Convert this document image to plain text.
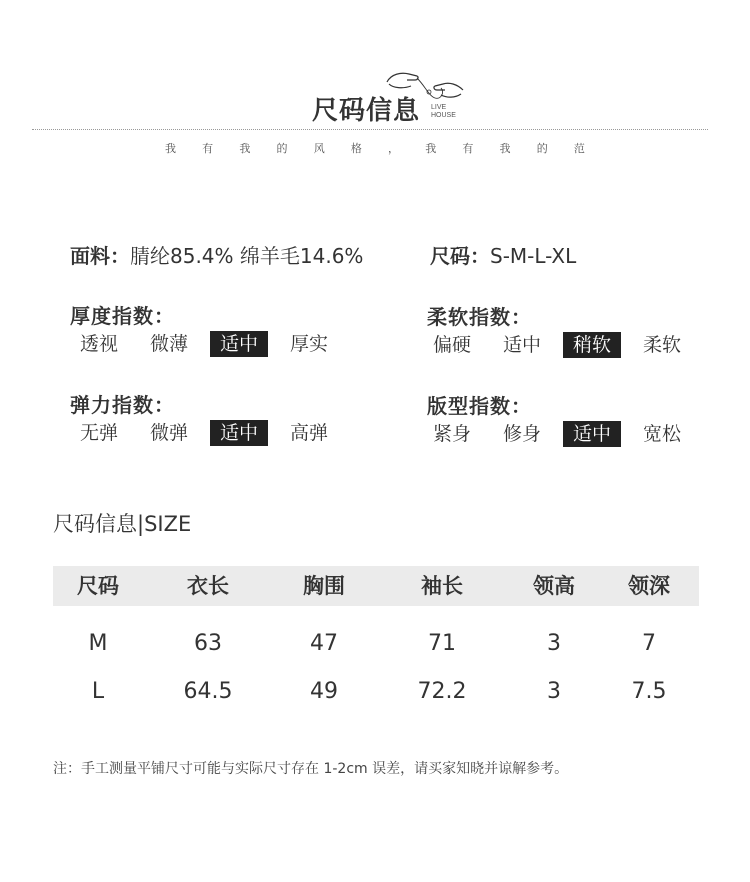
尺码信息 LIVE
HOUSE
我 有 我 的 风 格 ， 我 有 我 的 范
面料：腈纶85.4% 绵羊毛14.6%	尺码：S-M-L-XL
厚度指数：
透视	微薄	适中	厚实
柔软指数：
偏硬	适中	稍软	柔软
弹力指数：
无弹	微弹	适中	高弹
版型指数：
紧身	修身	适中	宽松
尺码信息|SIZE
尺码	衣长	胸围	袖长	领高	领深
M	63	47	71	3	7
L	64.5	49	72.2	3	7.5
注：手工测量平铺尺寸可能与实际尺寸存在 1-2cm 误差，请买家知晓并谅解参考。
